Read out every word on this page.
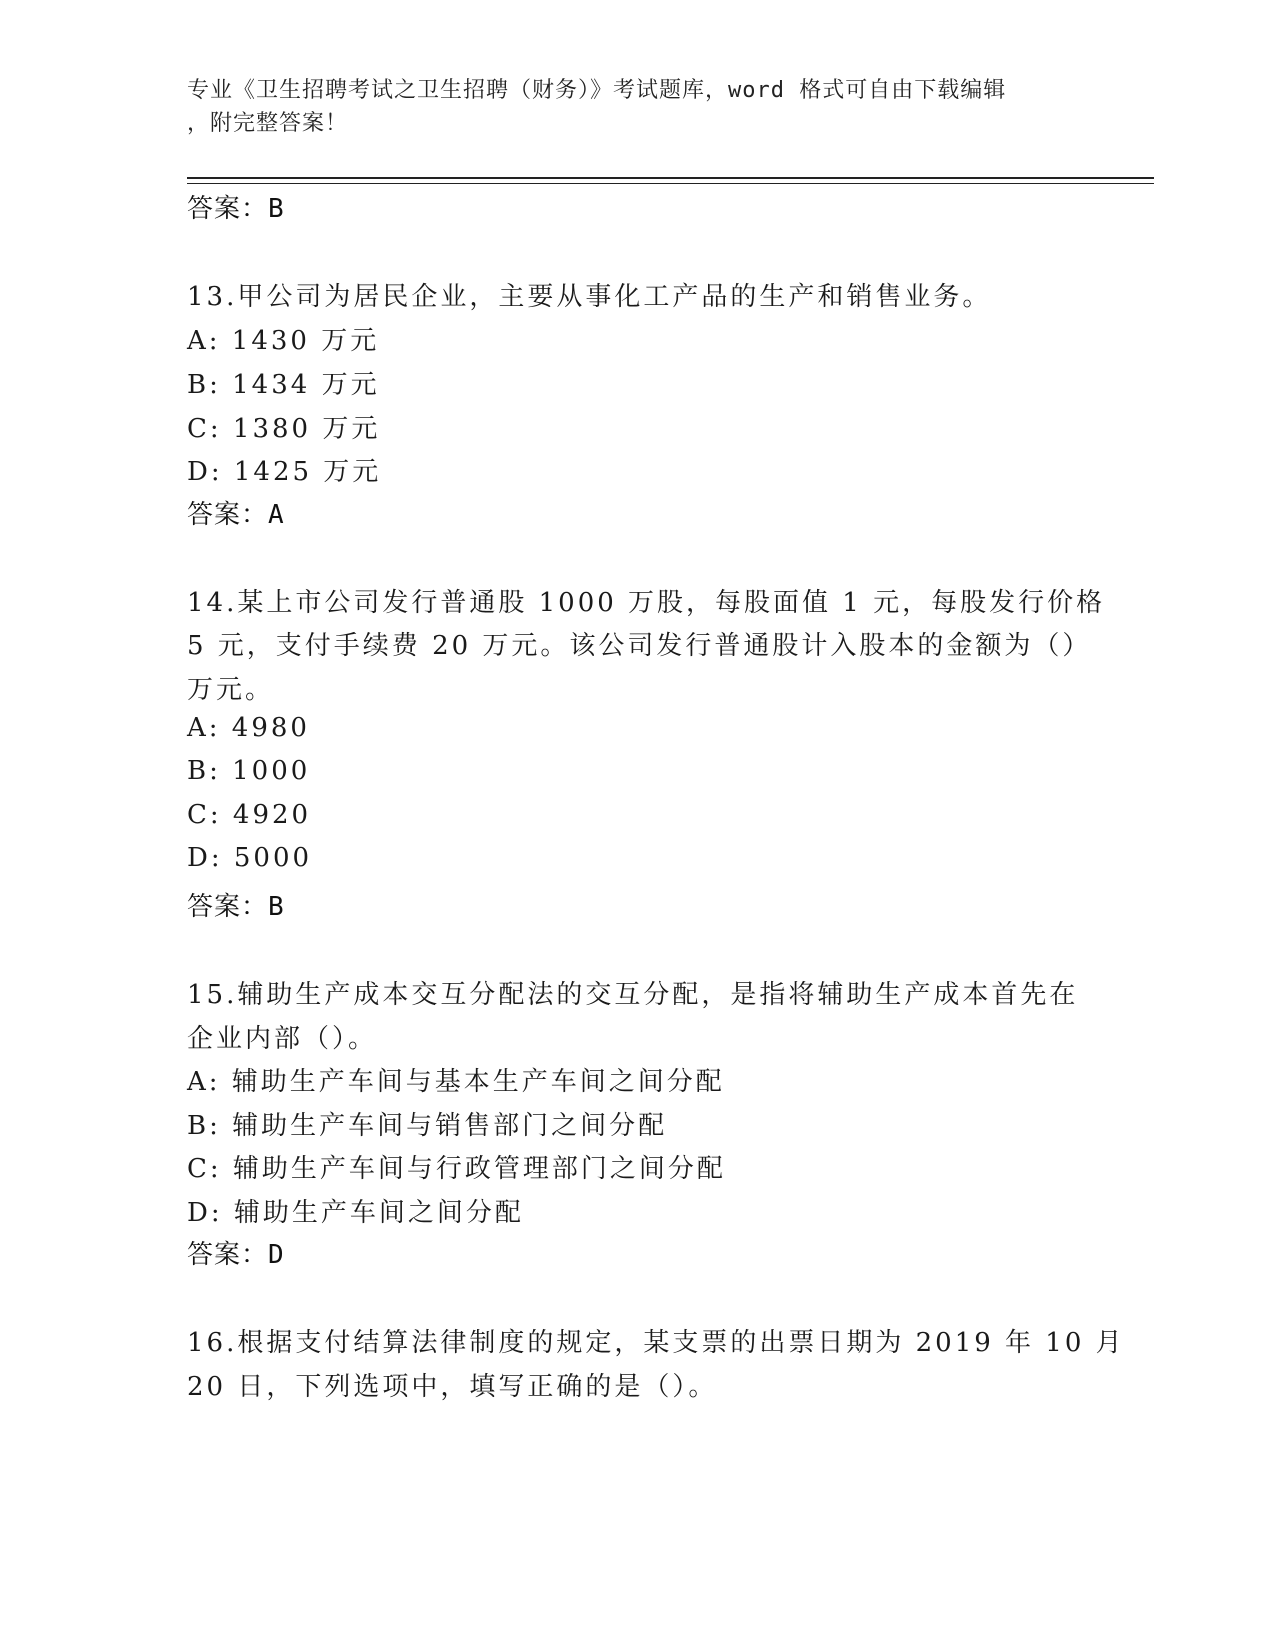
专业《卫生招聘考试之卫生招聘（财务）》考试题库，word 格式可自由下载编辑
，附完整答案！
答案：B
13.甲公司为居民企业，主要从事化工产品的生产和销售业务。
A: 1430 万元
B: 1434 万元
C: 1380 万元
D: 1425 万元
答案：A
14.某上市公司发行普通股 1000 万股，每股面值 1 元，每股发行价格
5 元，支付手续费 20 万元。该公司发行普通股计入股本的金额为（）
万元。
A: 4980
B: 1000
C: 4920
D: 5000
答案：B
15.辅助生产成本交互分配法的交互分配，是指将辅助生产成本首先在
企业内部（）。
A: 辅助生产车间与基本生产车间之间分配
B: 辅助生产车间与销售部门之间分配
C: 辅助生产车间与行政管理部门之间分配
D: 辅助生产车间之间分配
答案：D
16.根据支付结算法律制度的规定，某支票的出票日期为 2019 年 10 月
20 日，下列选项中，填写正确的是（）。
